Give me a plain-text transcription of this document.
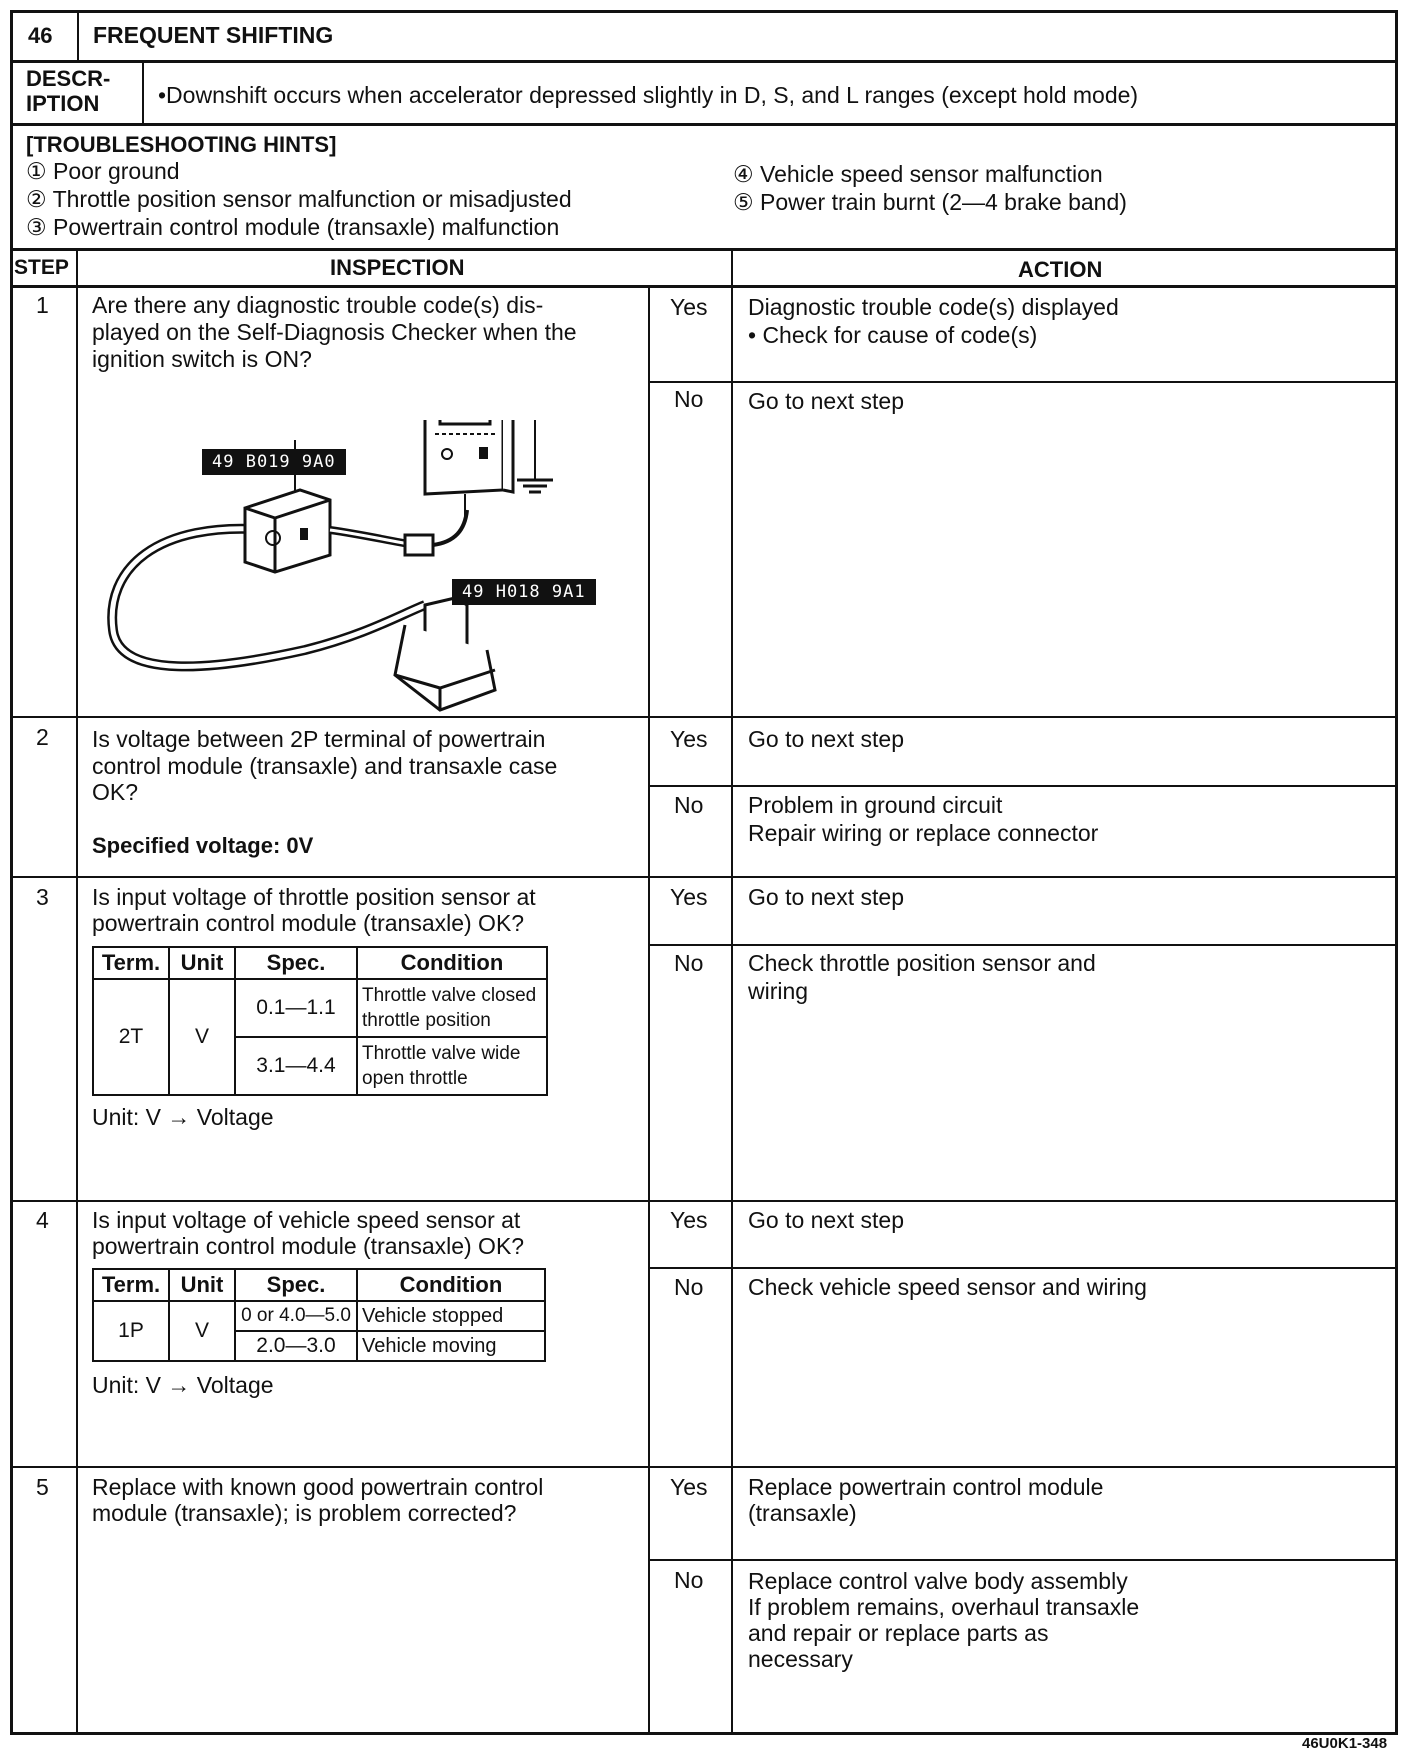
46 FREQUENT SHIFTING
DESCR-
IPTION	•Downshift occurs when accelerator depressed slightly in D, S, and L ranges (except hold mode)
[TROUBLESHOOTING HINTS]
① Poor ground
② Throttle position sensor malfunction or misadjusted
③ Powertrain control module (transaxle) malfunction
④ Vehicle speed sensor malfunction
⑤ Power train burnt (2—4 brake band)
STEP	INSPECTION	ACTION
1 Are there any diagnostic trouble code(s) dis-
played on the Self-Diagnosis Checker when the
ignition switch is ON?
49 B019 9A0
49 H018 9A1
Yes Diagnostic trouble code(s) displayed
• Check for cause of code(s)
No Go to next step
2 Is voltage between 2P terminal of powertrain
control module (transaxle) and transaxle case
OK?
Specified voltage: 0V
Yes Go to next step
No Problem in ground circuit
Repair wiring or replace connector
3 Is input voltage of throttle position sensor at
powertrain control module (transaxle) OK?
Term.	Unit	Spec.	Condition
2T	V	0.1—1.1	Throttle valve closed
throttle position

		3.1—4.4	Throttle valve wide
open throttle
Unit: V → Voltage
Yes Go to next step
No Check throttle position sensor and
wiring
4 Is input voltage of vehicle speed sensor at
powertrain control module (transaxle) OK?
Term.	Unit	Spec.	Condition
1P	V	0 or 4.0—5.0	Vehicle stopped
		2.0—3.0	Vehicle moving
Unit: V → Voltage
Yes Go to next step
No Check vehicle speed sensor and wiring
5 Replace with known good powertrain control
module (transaxle); is problem corrected?
Yes Replace powertrain control module
(transaxle)
No Replace control valve body assembly
If problem remains, overhaul transaxle
and repair or replace parts as
necessary
46U0K1-348
